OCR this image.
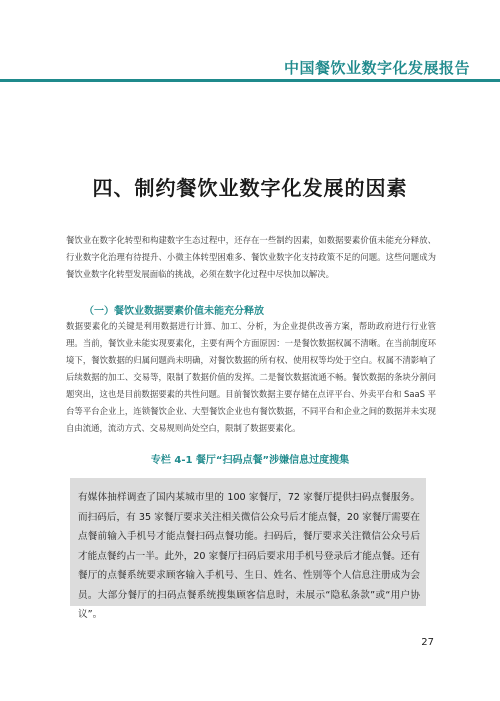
中国餐饮业数字化发展报告
四、制约餐饮业数字化发展的因素

餐饮业在数字化转型和构建数字生态过程中，还存在一些制约因素，如数据要素价值未能充分释放、行业数字化治理有待提升、小微主体转型困难多、餐饮业数字化支持政策不足的问题。这些问题成为餐饮业数字化转型发展面临的挑战，必须在数字化过程中尽快加以解决。

（一）餐饮业数据要素价值未能充分释放

数据要素化的关键是利用数据进行计算、加工、分析，为企业提供改善方案，帮助政府进行行业管理。当前，餐饮业未能实现要素化，主要有两个方面原因：一是餐饮数据权属不清晰。在当前制度环境下，餐饮数据的归属问题尚未明确，对餐饮数据的所有权、使用权等均处于空白。权属不清影响了后续数据的加工、交易等，限制了数据价值的发挥。二是餐饮数据流通不畅。餐饮数据的条块分割问题突出，这也是目前数据要素的共性问题。目前餐饮数据主要存储在点评平台、外卖平台和 SaaS 平台等平台企业上，连锁餐饮企业、大型餐饮企业也有餐饮数据，不同平台和企业之间的数据并未实现自由流通，流动方式、交易规则尚处空白，限制了数据要素化。

专栏 4-1 餐厅“扫码点餐”涉嫌信息过度搜集

有媒体抽样调查了国内某城市里的 100 家餐厅，72 家餐厅提供扫码点餐服务。而扫码后，有 35 家餐厅要求关注相关微信公众号后才能点餐，20 家餐厅需要在点餐前输入手机号才能点餐扫码点餐功能。扫码后，餐厅要求关注微信公众号后才能点餐约占一半。此外，20 家餐厅扫码后要求用手机号登录后才能点餐。还有餐厅的点餐系统要求顾客输入手机号、生日、姓名、性别等个人信息注册成为会员。大部分餐厅的扫码点餐系统搜集顾客信息时，未展示“隐私条款”或“用户协议”。

27
